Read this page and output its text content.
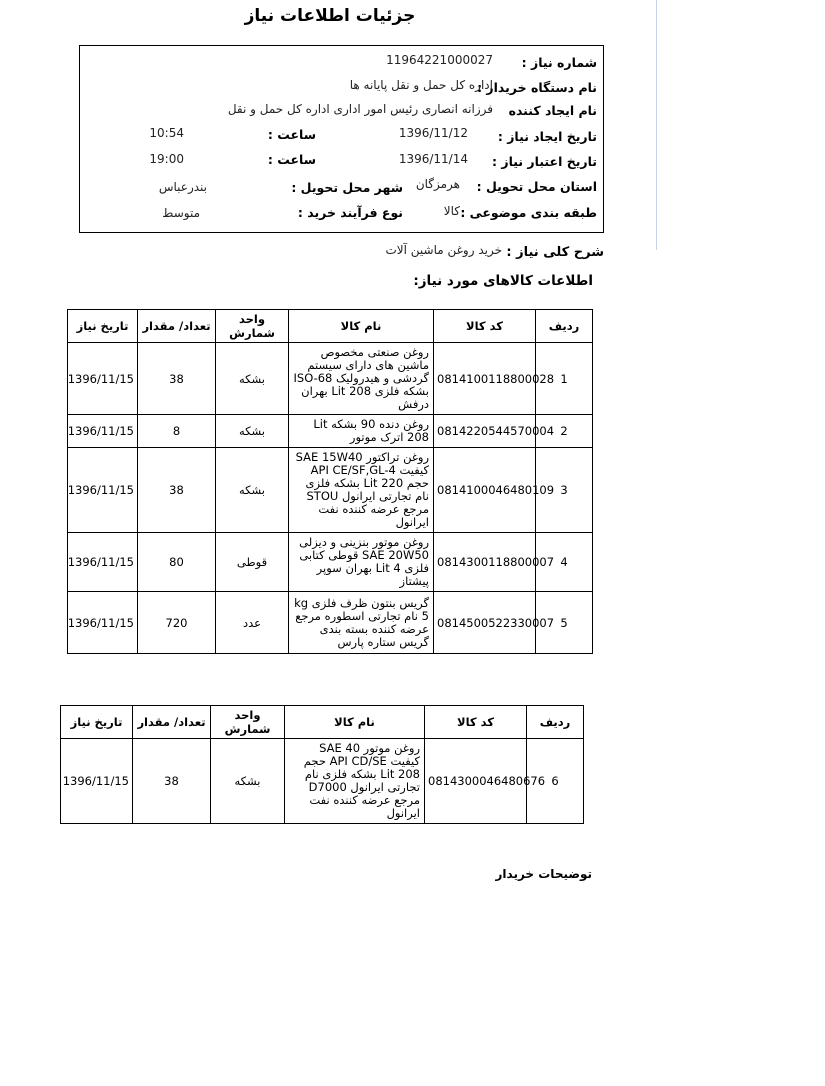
جزئیات اطلاعات نیاز
شماره نیاز :
11964221000027
نام دستگاه خریدار :
اداره کل حمل و نقل پایانه ها
نام ایجاد کننده
فرزانه انصاری رئیس امور اداری اداره کل حمل و نقل
تاریخ ایجاد نیاز :
1396/11/12
ساعت :
10:54
تاریخ اعتبار نیاز :
1396/11/14
ساعت :
19:00
استان محل تحویل :
هرمزگان
شهر محل تحویل :
بندرعباس
طبقه بندی موضوعی :
کالا
نوع فرآیند خرید :
متوسط
شرح کلی نیاز :
خرید روغن ماشین آلات
اطلاعات کالاهای مورد نیاز:
ردیف	کد کالا	نام کالا	واحد شمارش	تعداد/ مقدار	تاریخ نیاز
1	0814100118800028	روغن صنعتی مخصوص ماشین های دارای سیستم گردشی و هیدرولیک ISO-68 بشکه فلزی Lit 208 بهران درفش	بشکه	38	1396/11/15
2	0814220544570004	روغن دنده 90 بشکه Lit 208 اترک موتور	بشکه	8	1396/11/15
3	0814100046480109	روغن تراکتور SAE 15W40 کیفیت API CE/SF,GL-4 حجم Lit 220 بشکه فلزی نام تجارتی ایرانول STOU مرجع عرضه کننده نفت ایرانول	بشکه	38	1396/11/15
4	0814300118800007	روغن موتور بنزینی و دیزلی SAE 20W50 قوطی کتابی فلزی Lit 4 بهران سوپر پیشتاز	قوطی	80	1396/11/15
5	0814500522330007	گریس بنتون ظرف فلزی kg 5 نام تجارتی اسطوره مرجع عرضه کننده بسته بندی گریس ستاره پارس	عدد	720	1396/11/15
ردیف	کد کالا	نام کالا	واحد شمارش	تعداد/ مقدار	تاریخ نیاز
6	0814300046480676	روغن موتور SAE 40 کیفیت API CD/SE حجم Lit 208 بشکه فلزی نام تجارتی ایرانول D7000 مرجع عرضه کننده نفت ایرانول	بشکه	38	1396/11/15
توضیحات خریدار
